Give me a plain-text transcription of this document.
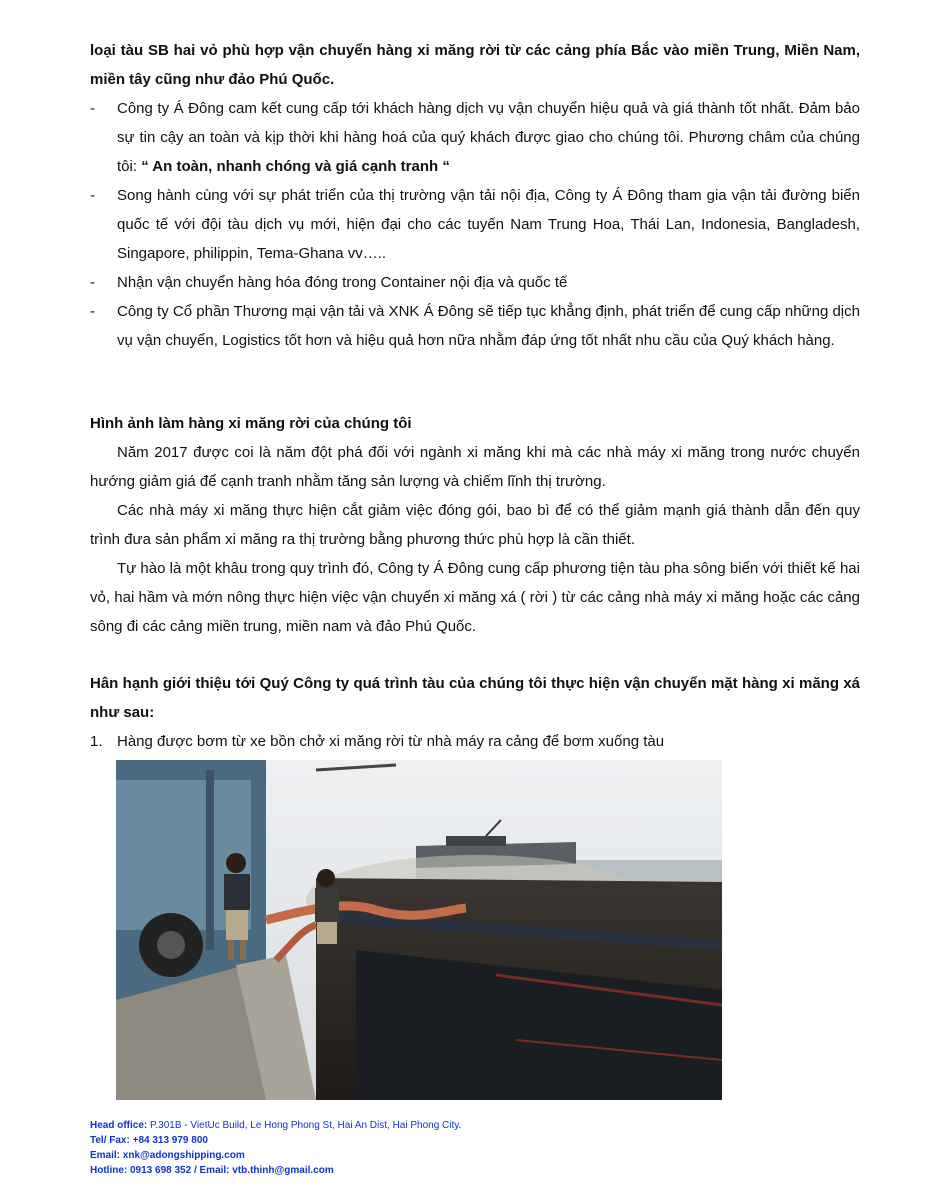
loại tàu SB hai vỏ phù hợp vận chuyển hàng xi măng rời từ các cảng phía Bắc vào miền Trung, Miền Nam, miền tây cũng như đảo Phú Quốc.

-	Công ty Á Đông cam kết cung cấp tới khách hàng dịch vụ vận chuyển hiệu quả và giá thành tốt nhất. Đảm bảo sự tin cậy an toàn và kịp thời khi hàng hoá của quý khách được giao cho chúng tôi. Phương châm của chúng tôi: “ An toàn, nhanh chóng và giá cạnh tranh “
-	Song hành cùng với sự phát triển của thị trường vận tải nội địa, Công ty Á Đông tham gia vận tải đường biển quốc tế với đội tàu dịch vụ mới, hiện đại cho các tuyến Nam Trung Hoa, Thái Lan, Indonesia, Bangladesh, Singapore, philippin, Tema-Ghana vv…..
-	Nhận vận chuyển hàng hóa đóng trong Container nội địa và quốc tế
-	Công ty Cổ phần Thương mại vận tải và XNK Á Đông sẽ tiếp tục khẳng định, phát triển để cung cấp những dịch vụ vận chuyển, Logistics tốt hơn và hiệu quả hơn nữa nhằm đáp ứng tốt nhất nhu cầu của Quý khách hàng.

Hình ảnh làm hàng xi măng rời của chúng tôi

Năm 2017 được coi là năm đột phá đối với ngành xi măng khi mà các nhà máy xi măng trong nước chuyển hướng giảm giá để cạnh tranh nhằm tăng sản lượng và chiếm lĩnh thị trường.

Các nhà máy xi măng thực hiện cắt giảm việc đóng gói, bao bì để có thể giảm mạnh giá thành dẫn đến quy trình đưa sản phẩm xi măng ra thị trường bằng phương thức phù hợp là cần thiết.

Tự hào là một khâu trong quy trình đó, Công ty Á Đông cung cấp phương tiện tàu pha sông biển với thiết kế hai vỏ, hai hầm và mớn nông thực hiện việc vận chuyển xi măng xá ( rời ) từ các cảng nhà máy xi măng hoặc các cảng sông đi các cảng miền trung, miền nam và đảo Phú Quốc.

Hân hạnh giới thiệu tới Quý Công ty quá trình tàu của chúng tôi thực hiện vận chuyển mặt hàng xi măng xá như sau:

1. Hàng được bơm từ xe bồn chở xi măng rời từ nhà máy ra cảng để bơm xuống tàu
Head office: P.301B - VietUc Build, Le Hong Phong St, Hai An Dist, Hai Phong City.
Tel/ Fax: +84 313 979 800
Email: xnk@adongshipping.com
Hotline: 0913 698 352 / Email: vtb.thinh@gmail.com
